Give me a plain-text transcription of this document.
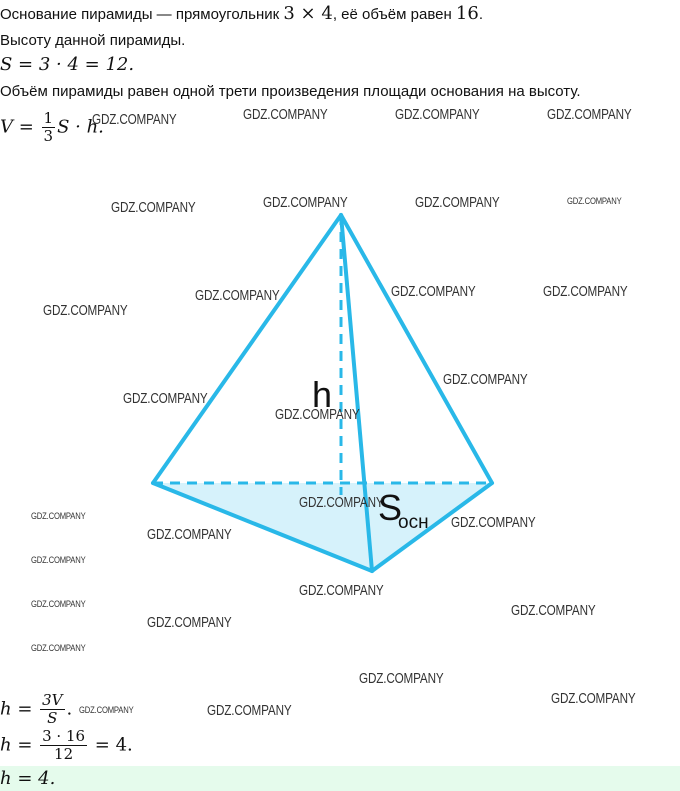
Основание пирамиды — прямоугольник 3 × 4, её объём равен 16.
Высоту данной пирамиды.
S = 3 · 4 = 12.
Объём пирамиды равен одной трети произведения площади основания на высоту.
$V = \frac{1}{3}$ S · h.
h
S
осн
$h = \frac{3V}{S}$ .
$h = \frac{3 \cdot 16}{12} = 4$.
h = 4.
GDZ.COMPANY	GDZ.COMPANY	GDZ.COMPANY	GDZ.COMPANY
GDZ.COMPANY	GDZ.COMPANY	GDZ.COMPANY	GDZ.COMPANY
GDZ.COMPANY	GDZ.COMPANY	GDZ.COMPANY
GDZ.COMPANY
GDZ.COMPANY
GDZ.COMPANY
GDZ.COMPANY
GDZ.COMPANY
GDZ.COMPANY
GDZ.COMPANY
GDZ.COMPANY
GDZ.COMPANY
GDZ.COMPANY
GDZ.COMPANY	GDZ.COMPANY
GDZ.COMPANY
GDZ.COMPANY
GDZ.COMPANY
GDZ.COMPANY
GDZ.COMPANY	GDZ.COMPANY
